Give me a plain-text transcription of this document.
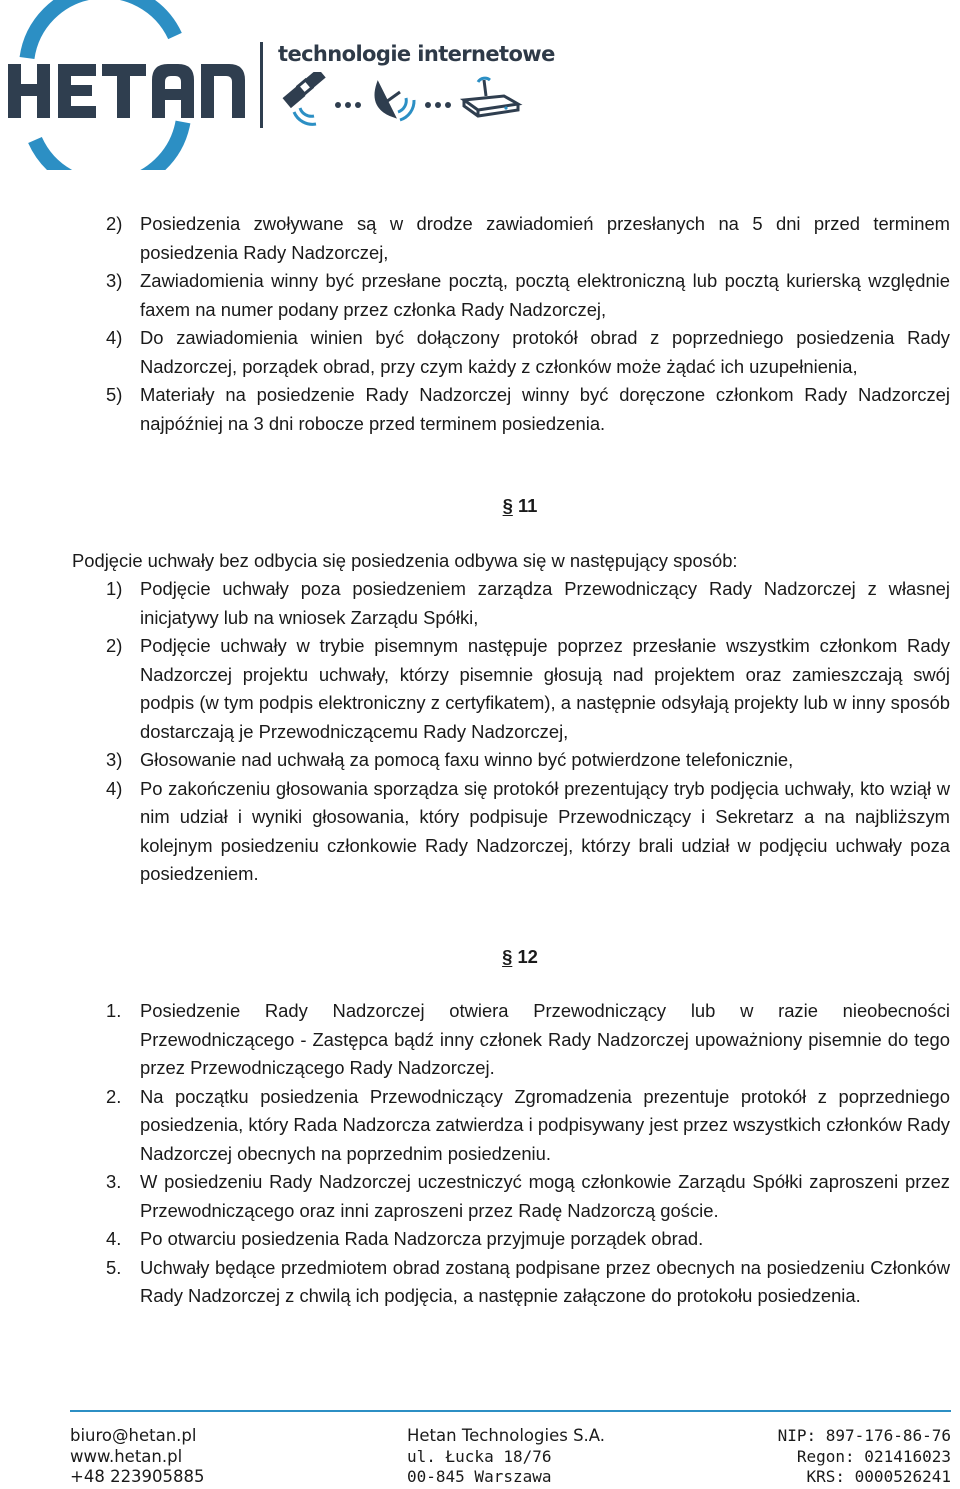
technologie internetowe
2) Posiedzenia zwoływane są w drodze zawiadomień przesłanych na 5 dni przed terminem posiedzenia Rady Nadzorczej,
3) Zawiadomienia winny być przesłane pocztą, pocztą elektroniczną lub pocztą kurierską względnie faxem na numer podany przez członka Rady Nadzorczej,
4) Do zawiadomienia winien być dołączony protokół obrad z poprzedniego posiedzenia Rady Nadzorczej, porządek obrad, przy czym każdy z członków może żądać ich uzupełnienia,
5) Materiały na posiedzenie Rady Nadzorczej winny być doręczone członkom Rady Nadzorczej najpóźniej na 3 dni robocze przed terminem posiedzenia.
§ 11
Podjęcie uchwały bez odbycia się posiedzenia odbywa się w następujący sposób:
1) Podjęcie uchwały poza posiedzeniem zarządza Przewodniczący Rady Nadzorczej z własnej inicjatywy lub na wniosek Zarządu Spółki,
2) Podjęcie uchwały w trybie pisemnym następuje poprzez przesłanie wszystkim członkom Rady Nadzorczej projektu uchwały, którzy pisemnie głosują nad projektem oraz zamieszczają swój podpis (w tym podpis elektroniczny z certyfikatem), a następnie odsyłają projekty lub w inny sposób dostarczają je Przewodniczącemu Rady Nadzorczej,
3) Głosowanie nad uchwałą za pomocą faxu winno być potwierdzone telefonicznie,
4) Po zakończeniu głosowania sporządza się protokół prezentujący tryb podjęcia uchwały, kto wziął w nim udział i wyniki głosowania, który podpisuje Przewodniczący i Sekretarz a na najbliższym kolejnym posiedzeniu członkowie Rady Nadzorczej, którzy brali udział w podjęciu uchwały poza posiedzeniem.
§ 12
1.	Posiedzenie Rady Nadzorczej otwiera Przewodniczący lub w razie nieobecności Przewodniczącego - Zastępca bądź inny członek Rady Nadzorczej upoważniony pisemnie do tego przez Przewodniczącego Rady Nadzorczej.
2.	Na początku posiedzenia Przewodniczący Zgromadzenia prezentuje protokół z poprzedniego posiedzenia, który Rada Nadzorcza zatwierdza i podpisywany jest przez wszystkich członków Rady Nadzorczej obecnych na poprzednim posiedzeniu.
3.	W posiedzeniu Rady Nadzorczej uczestniczyć mogą członkowie Zarządu Spółki zaproszeni przez Przewodniczącego oraz inni zaproszeni przez Radę Nadzorczą goście.
4.	Po otwarciu posiedzenia Rada Nadzorcza przyjmuje porządek obrad.
5.	Uchwały będące przedmiotem obrad zostaną podpisane przez obecnych na posiedzeniu Członków Rady Nadzorczej z chwilą ich podjęcia, a następnie załączone do protokołu posiedzenia.
biuro@hetan.pl
www.hetan.pl
+48 223905885
Hetan Technologies S.A.
ul. Łucka 18/76
00-845 Warszawa
NIP: 897-176-86-76
Regon: 021416023
KRS: 0000526241
